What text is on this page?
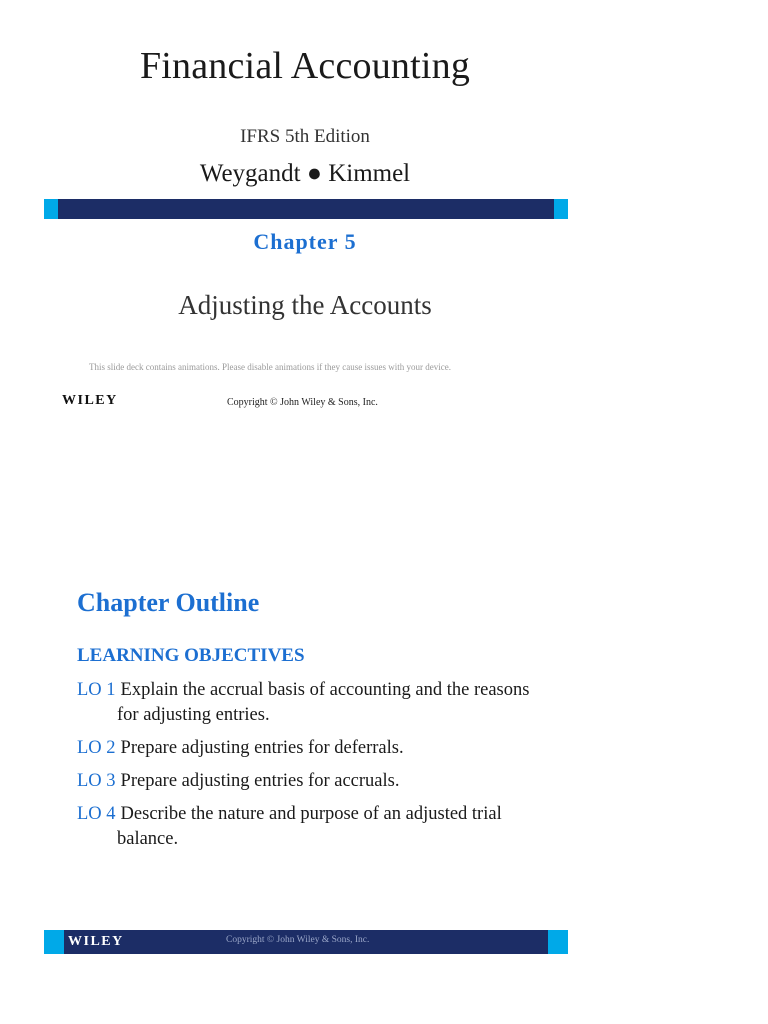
Financial Accounting
IFRS 5th Edition
Weygandt ● Kimmel
Chapter 5
Adjusting the Accounts
This slide deck contains animations. Please disable animations if they cause issues with your device.
WILEY	Copyright © John Wiley & Sons, Inc.
Chapter Outline
LEARNING OBJECTIVES
LO 1 Explain the accrual basis of accounting and the reasons for adjusting entries.
LO 2 Prepare adjusting entries for deferrals.
LO 3 Prepare adjusting entries for accruals.
LO 4 Describe the nature and purpose of an adjusted trial balance.
WILEY	Copyright © John Wiley & Sons, Inc.
